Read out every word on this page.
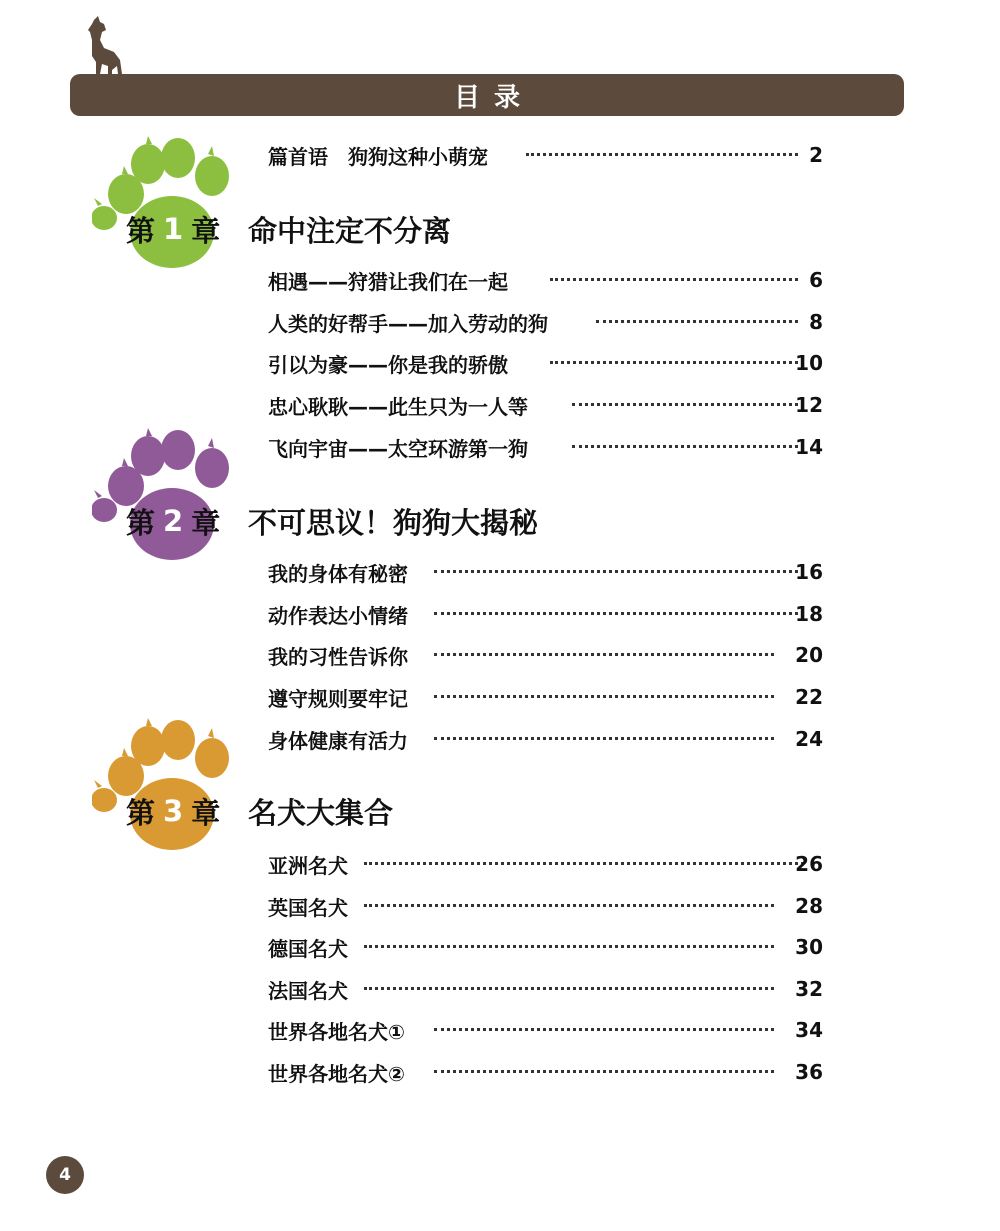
目录
篇首语　狗狗这种小萌宠	2
第 1 章 命中注定不分离
相遇——狩猎让我们在一起	6
人类的好帮手——加入劳动的狗	8
引以为豪——你是我的骄傲	10
忠心耿耿——此生只为一人等	12
飞向宇宙——太空环游第一狗	14
第 2 章 不可思议！狗狗大揭秘
我的身体有秘密	16
动作表达小情绪	18
我的习性告诉你	20
遵守规则要牢记	22
身体健康有活力	24
第 3 章 名犬大集合
亚洲名犬	26
英国名犬	28
德国名犬	30
法国名犬	32
世界各地名犬①	34
世界各地名犬②	36
4
